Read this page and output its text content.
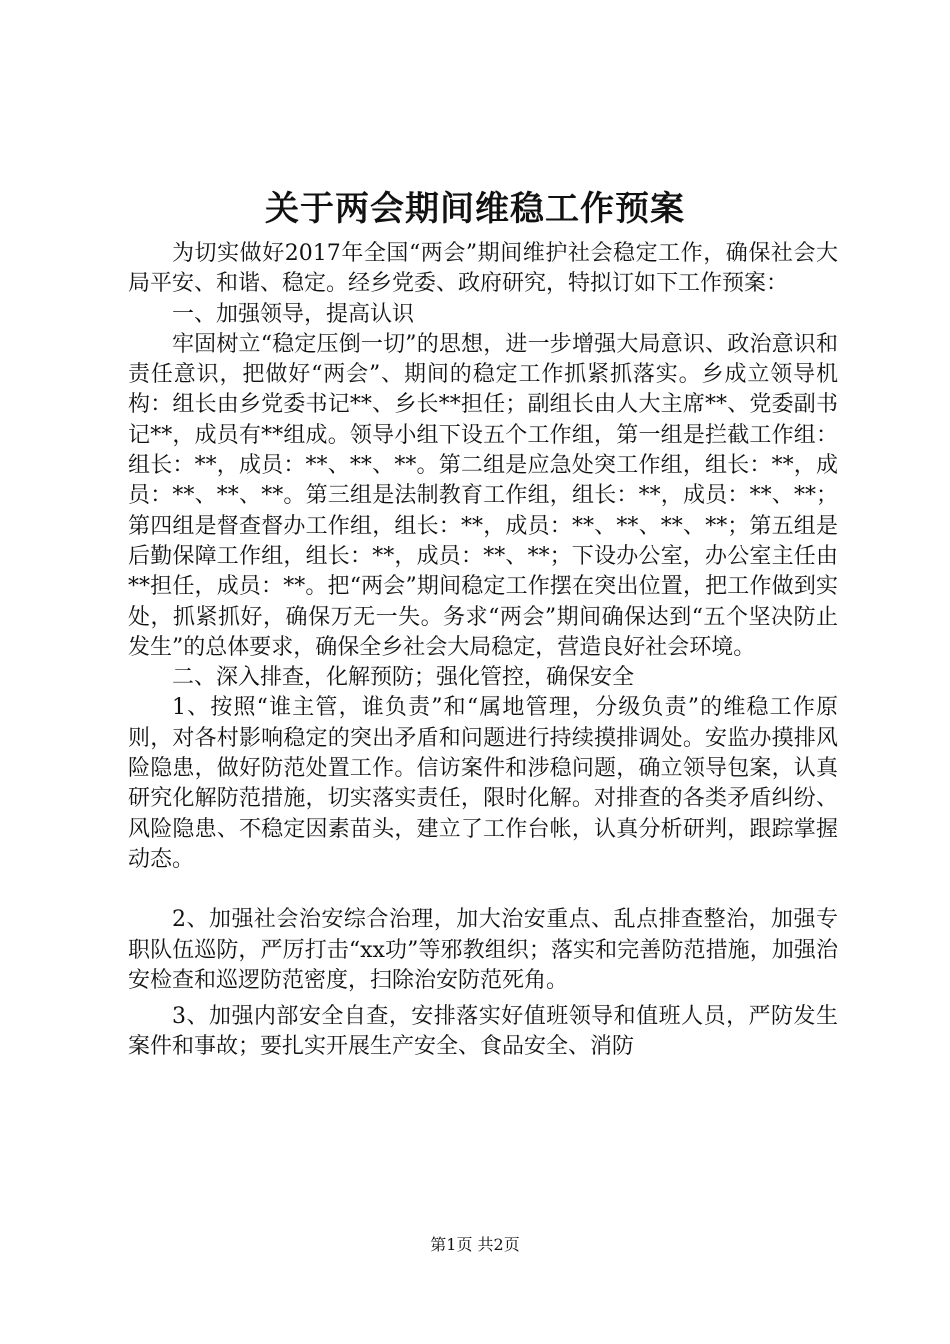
关于两会期间维稳工作预案

为切实做好2017年全国“两会”期间维护社会稳定工作，确保社会大局平安、和谐、稳定。经乡党委、政府研究，特拟订如下工作预案：

一、加强领导，提高认识

牢固树立“稳定压倒一切”的思想，进一步增强大局意识、政治意识和责任意识，把做好“两会”、期间的稳定工作抓紧抓落实。乡成立领导机构：组长由乡党委书记**、乡长**担任；副组长由人大主席**、党委副书记**，成员有**组成。领导小组下设五个工作组，第一组是拦截工作组：组长：**，成员：**、**、**。第二组是应急处突工作组，组长：**，成员：**、**、**。第三组是法制教育工作组，组长：**，成员：**、**；第四组是督查督办工作组，组长：**，成员：**、**、**、**；第五组是后勤保障工作组，组长：**，成员：**、**；下设办公室，办公室主任由**担任，成员：**。把“两会”期间稳定工作摆在突出位置，把工作做到实处，抓紧抓好，确保万无一失。务求“两会”期间确保达到“五个坚决防止发生”的总体要求，确保全乡社会大局稳定，营造良好社会环境。

二、深入排查，化解预防；强化管控，确保安全

1、按照“谁主管，谁负责”和“属地管理，分级负责”的维稳工作原则，对各村影响稳定的突出矛盾和问题进行持续摸排调处。安监办摸排风险隐患，做好防范处置工作。信访案件和涉稳问题，确立领导包案，认真研究化解防范措施，切实落实责任，限时化解。对排查的各类矛盾纠纷、风险隐患、不稳定因素苗头，建立了工作台帐，认真分析研判，跟踪掌握动态。

2、加强社会治安综合治理，加大治安重点、乱点排查整治，加强专职队伍巡防，严厉打击“xx功”等邪教组织；落实和完善防范措施，加强治安检查和巡逻防范密度，扫除治安防范死角。

3、加强内部安全自查，安排落实好值班领导和值班人员，严防发生案件和事故；要扎实开展生产安全、食品安全、消防

第1页 共2页
